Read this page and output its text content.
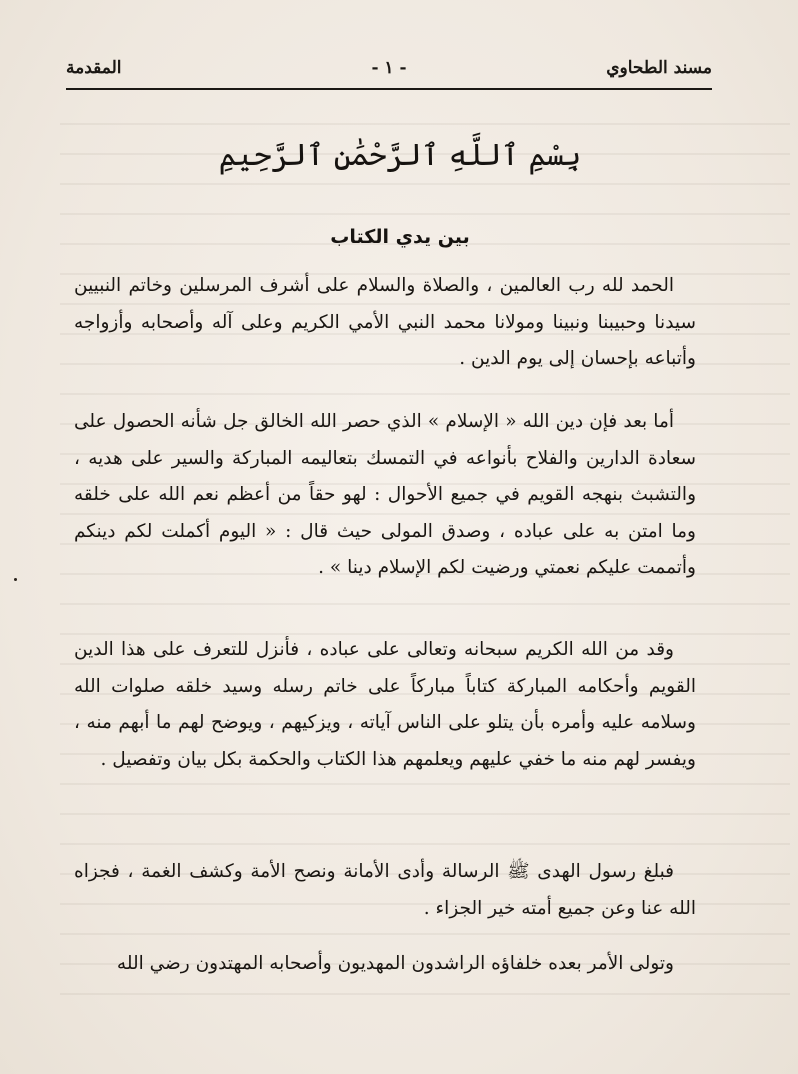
مسند الطحاوي
- ١ -
المقدمة
بِسْمِ ٱللَّهِ ٱلرَّحْمَٰنِ ٱلرَّحِيمِ
بين يدي الكتاب
الحمد لله رب العالمين ، والصلاة والسلام على أشرف المرسلين وخاتم النبيين سيدنا وحبيبنا ونبينا ومولانا محمد النبي الأمي الكريم وعلى آله وأصحابه وأزواجه وأتباعه بإحسان إلى يوم الدين .
أما بعد فإن دين الله « الإسلام » الذي حصر الله الخالق جل شأنه الحصول على سعادة الدارين والفلاح بأنواعه في التمسك بتعاليمه المباركة والسير على هديه ، والتشبث بنهجه القويم في جميع الأحوال : لهو حقاً من أعظم نعم الله على خلقه وما امتن به على عباده ، وصدق المولى حيث قال : « اليوم أكملت لكم دينكم وأتممت عليكم نعمتي ورضيت لكم الإسلام دينا » .
وقد من الله الكريم سبحانه وتعالى على عباده ، فأنزل للتعرف على هذا الدين القويم وأحكامه المباركة كتاباً مباركاً على خاتم رسله وسيد خلقه صلوات الله وسلامه عليه وأمره بأن يتلو على الناس آياته ، ويزكيهم ، ويوضح لهم ما أبهم منه ، ويفسر لهم منه ما خفي عليهم ويعلمهم هذا الكتاب والحكمة بكل بيان وتفصيل .
فبلغ رسول الهدى ﷺ الرسالة وأدى الأمانة ونصح الأمة وكشف الغمة ، فجزاه الله عنا وعن جميع أمته خير الجزاء .
وتولى الأمر بعده خلفاؤه الراشدون المهديون وأصحابه المهتدون رضي الله
